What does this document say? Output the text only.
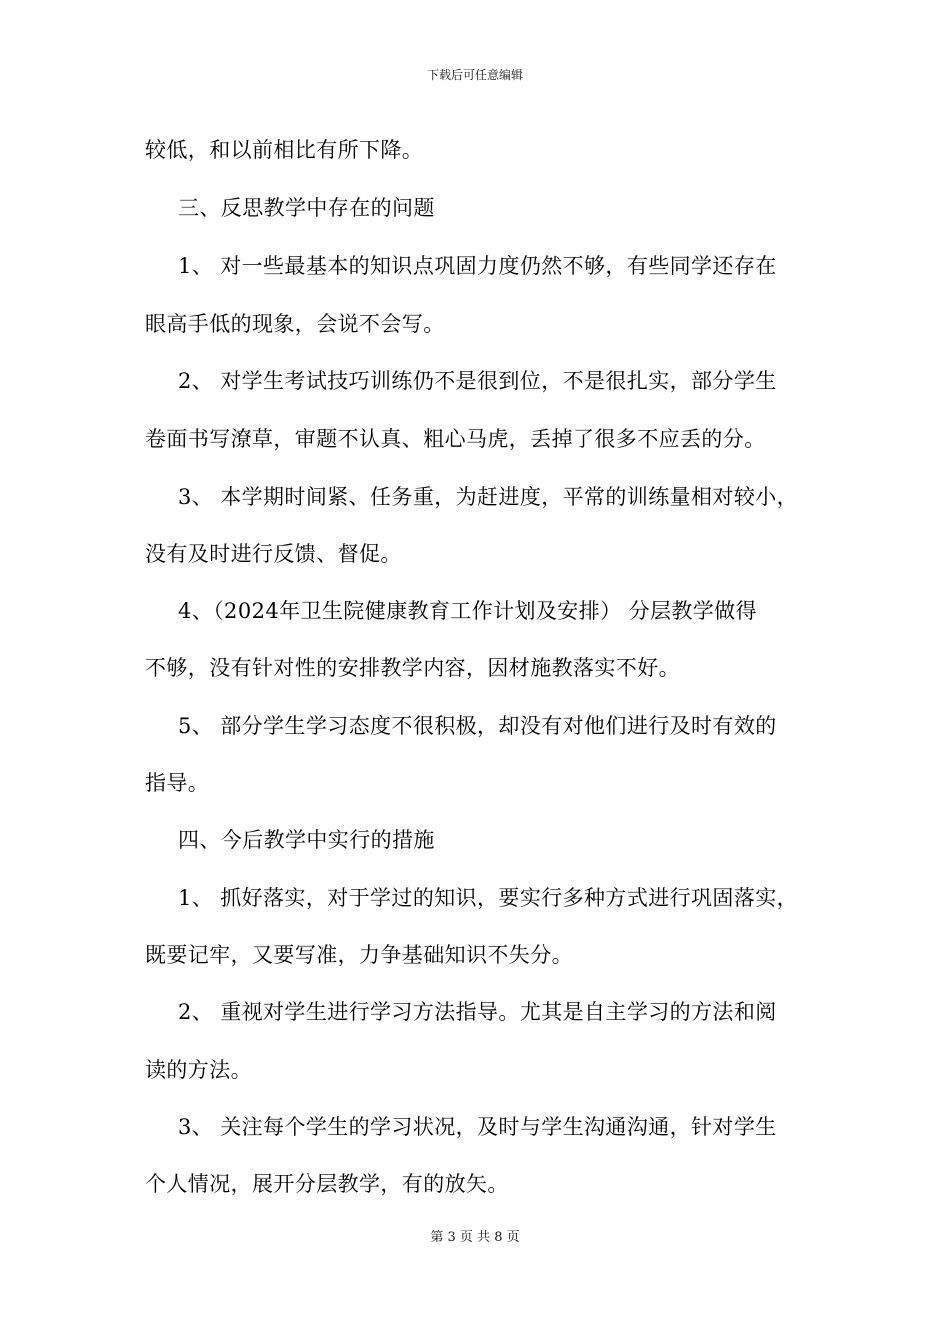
下载后可任意编辑
较低，和以前相比有所下降。
三、反思教学中存在的问题
1、 对一些最基本的知识点巩固力度仍然不够，有些同学还存在
眼高手低的现象，会说不会写。
2、 对学生考试技巧训练仍不是很到位，不是很扎实，部分学生
卷面书写潦草，审题不认真、粗心马虎，丢掉了很多不应丢的分。
3、 本学期时间紧、任务重，为赶进度，平常的训练量相对较小，
没有及时进行反馈、督促。
4、（2024年卫生院健康教育工作计划及安排） 分层教学做得
不够，没有针对性的安排教学内容，因材施教落实不好。
5、 部分学生学习态度不很积极，却没有对他们进行及时有效的
指导。
四、今后教学中实行的措施
1、 抓好落实，对于学过的知识，要实行多种方式进行巩固落实，
既要记牢，又要写准，力争基础知识不失分。
2、 重视对学生进行学习方法指导。尤其是自主学习的方法和阅
读的方法。
3、 关注每个学生的学习状况，及时与学生沟通沟通，针对学生
个人情况，展开分层教学，有的放矢。
第 3 页 共 8 页
